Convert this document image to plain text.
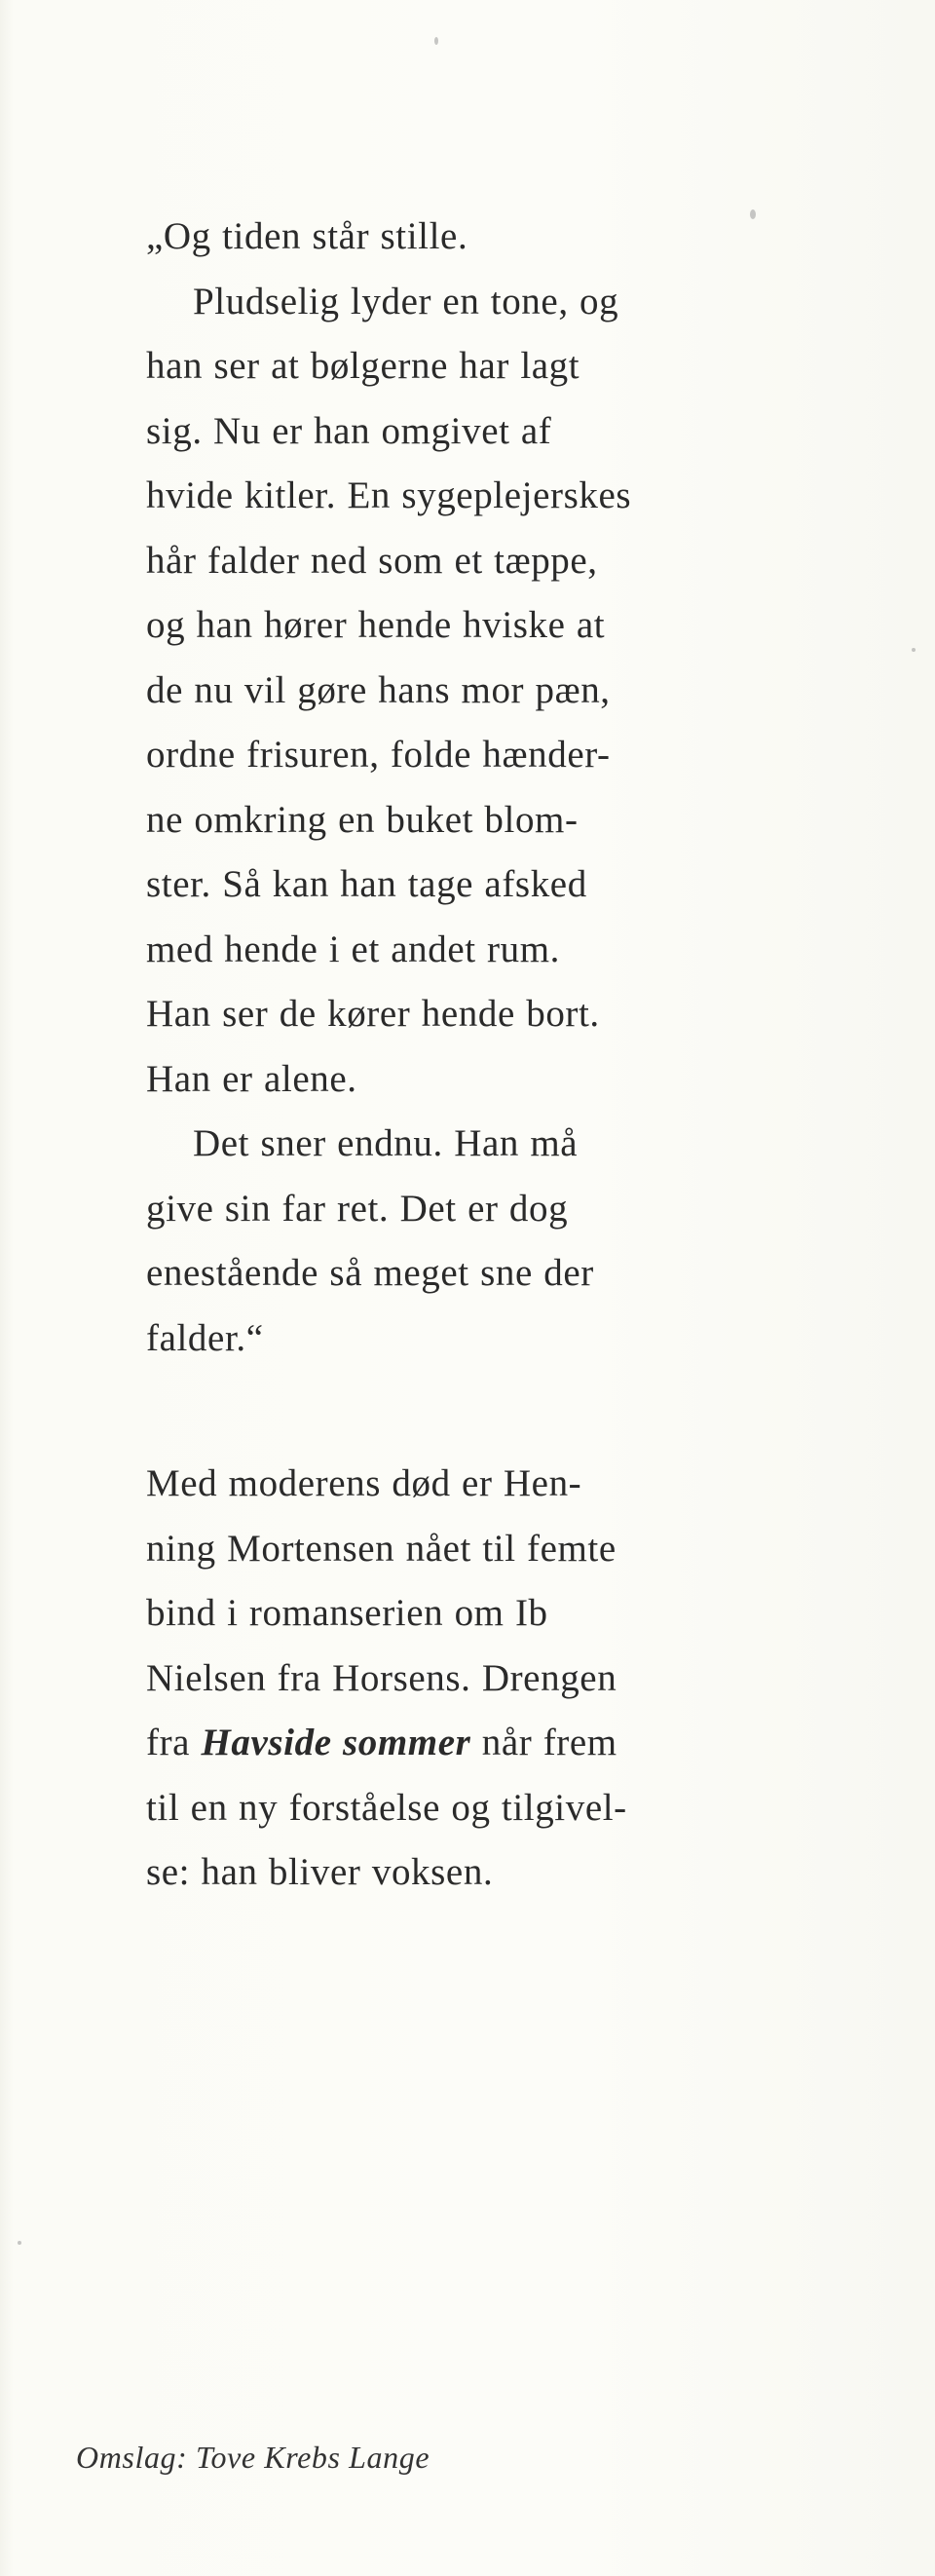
„Og tiden står stille.
Pludselig lyder en tone, og
han ser at bølgerne har lagt
sig. Nu er han omgivet af
hvide kitler. En sygeplejerskes
hår falder ned som et tæppe,
og han hører hende hviske at
de nu vil gøre hans mor pæn,
ordne frisuren, folde hænder-
ne omkring en buket blom-
ster. Så kan han tage afsked
med hende i et andet rum.
Han ser de kører hende bort.
Han er alene.
Det sner endnu. Han må
give sin far ret. Det er dog
enestående så meget sne der
falder.“
Med moderens død er Hen-
ning Mortensen nået til femte
bind i romanserien om Ib
Nielsen fra Horsens. Drengen
fra Havside sommer når frem
til en ny forståelse og tilgivel-
se: han bliver voksen.
Omslag: Tove Krebs Lange
